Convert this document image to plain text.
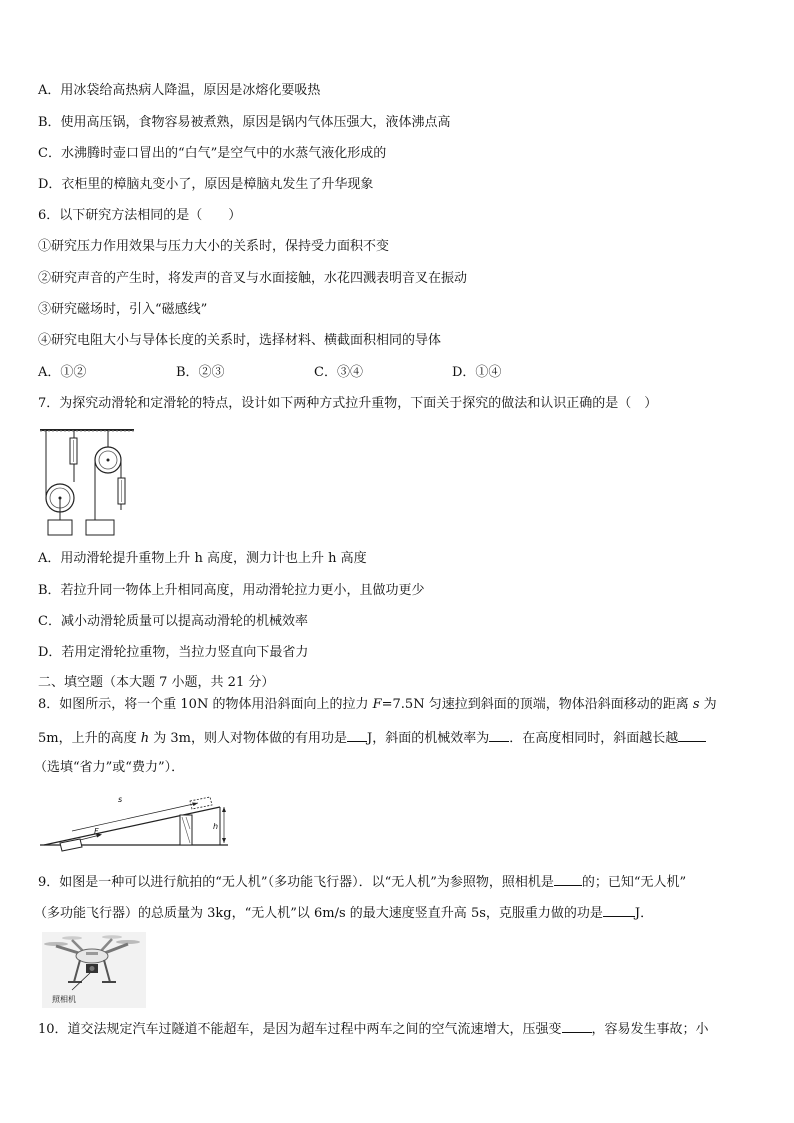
A．用冰袋给高热病人降温，原因是冰熔化要吸热
B．使用高压锅，食物容易被煮熟，原因是锅内气体压强大，液体沸点高
C．水沸腾时壶口冒出的“白气”是空气中的水蒸气液化形成的
D．衣柜里的樟脑丸变小了，原因是樟脑丸发生了升华现象
6．以下研究方法相同的是（　　）
①研究压力作用效果与压力大小的关系时，保持受力面积不变
②研究声音的产生时，将发声的音叉与水面接触，水花四溅表明音叉在振动
③研究磁场时，引入“磁感线”
④研究电阻大小与导体长度的关系时，选择材料、横截面积相同的导体
A．①②	B．②③	C．③④	D．①④
7．为探究动滑轮和定滑轮的特点，设计如下两种方式拉升重物，下面关于探究的做法和认识正确的是（　）
A．用动滑轮提升重物上升 h 高度，测力计也上升 h 高度
B．若拉升同一物体上升相同高度，用动滑轮拉力更小，且做功更少
C．减小动滑轮质量可以提高动滑轮的机械效率
D．若用定滑轮拉重物，当拉力竖直向下最省力
二、填空题（本大题 7 小题，共 21 分）
8．如图所示，将一个重 10N 的物体用沿斜面向上的拉力 F=7.5N 匀速拉到斜面的顶端，物体沿斜面移动的距离 s 为
5m，上升的高度 h 为 3m，则人对物体做的有用功是 J，斜面的机械效率为 ．在高度相同时，斜面越长越
（选填“省力”或“费力”）．
s
F
h
9．如图是一种可以进行航拍的“无人机”（多功能飞行器）．以“无人机”为参照物，照相机是 的；已知“无人机”
（多功能飞行器）的总质量为 3kg，“无人机”以 6m/s 的最大速度竖直升高 5s，克服重力做的功是 J．
照相机
10．道交法规定汽车过隧道不能超车，是因为超车过程中两车之间的空气流速增大，压强变 ，容易发生事故；小
